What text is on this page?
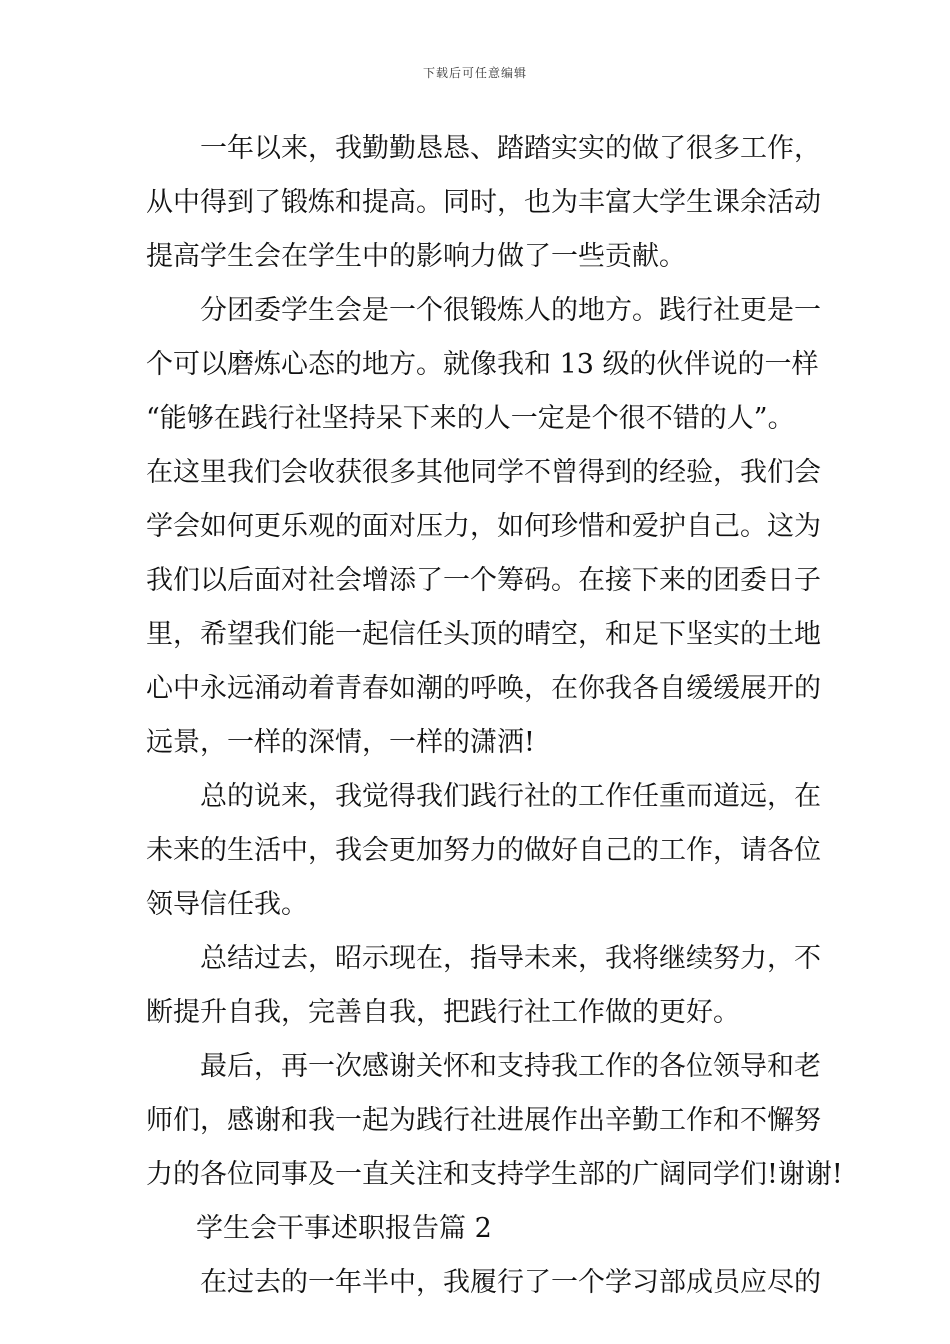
下载后可任意编辑
一年以来，我勤勤恳恳、踏踏实实的做了很多工作，
从中得到了锻炼和提高。同时，也为丰富大学生课余活动
提高学生会在学生中的影响力做了一些贡献。
分团委学生会是一个很锻炼人的地方。践行社更是一
个可以磨炼心态的地方。就像我和 13 级的伙伴说的一样
“能够在践行社坚持呆下来的人一定是个很不错的人”。
在这里我们会收获很多其他同学不曾得到的经验，我们会
学会如何更乐观的面对压力，如何珍惜和爱护自己。这为
我们以后面对社会增添了一个筹码。在接下来的团委日子
里，希望我们能一起信任头顶的晴空，和足下坚实的土地
心中永远涌动着青春如潮的呼唤，在你我各自缓缓展开的
远景，一样的深情，一样的潇洒!
总的说来，我觉得我们践行社的工作任重而道远，在
未来的生活中，我会更加努力的做好自己的工作，请各位
领导信任我。
总结过去，昭示现在，指导未来，我将继续努力，不
断提升自我，完善自我，把践行社工作做的更好。
最后，再一次感谢关怀和支持我工作的各位领导和老
师们，感谢和我一起为践行社进展作出辛勤工作和不懈努
力的各位同事及一直关注和支持学生部的广阔同学们!谢谢!
学生会干事述职报告篇 2
在过去的一年半中，我履行了一个学习部成员应尽的
